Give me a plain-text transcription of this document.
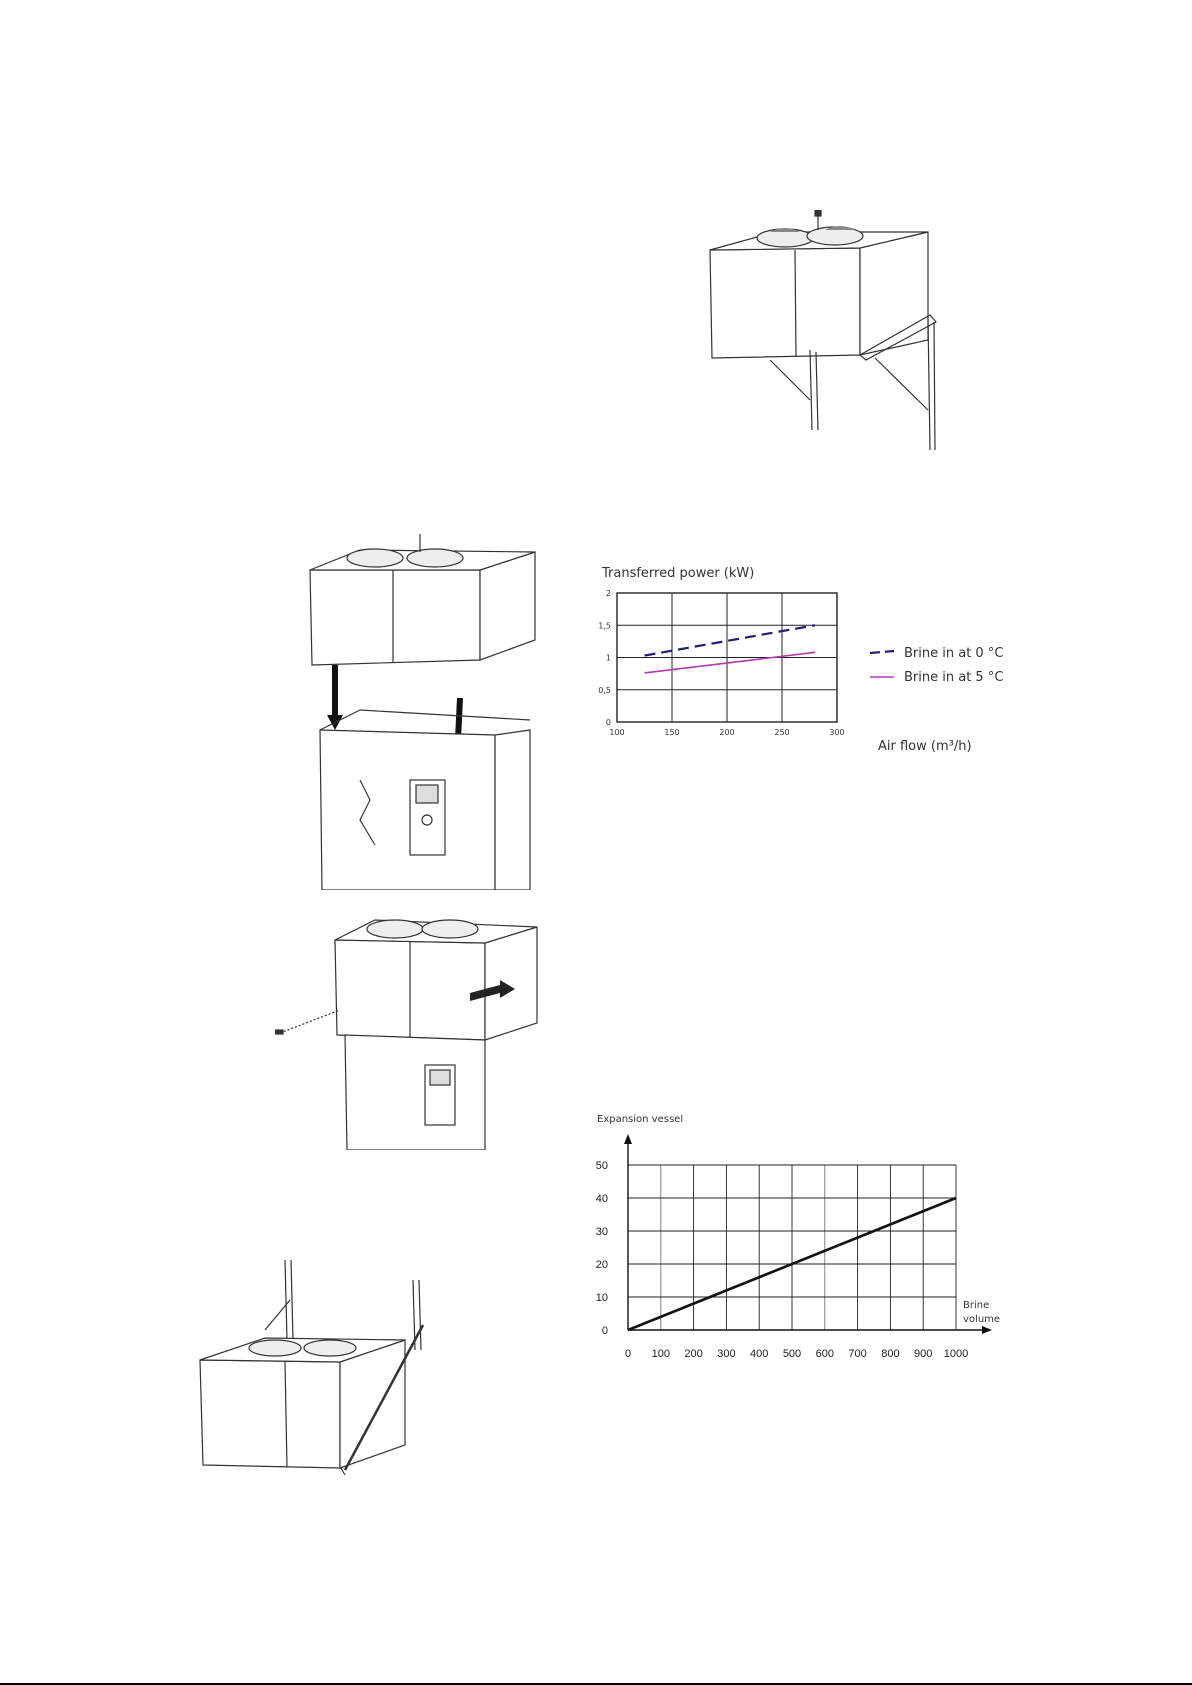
Transferred power (kW)
0
0,5
1
1,5
2
100	150	200	250	300
Brine in at 0 °C
Brine in at 5 °C
Air flow (m³/h)
Expansion vessel
0
10
20
30
40
50
0 100 200 300 400 500 600 700 800 900 1000
Brine
volume
